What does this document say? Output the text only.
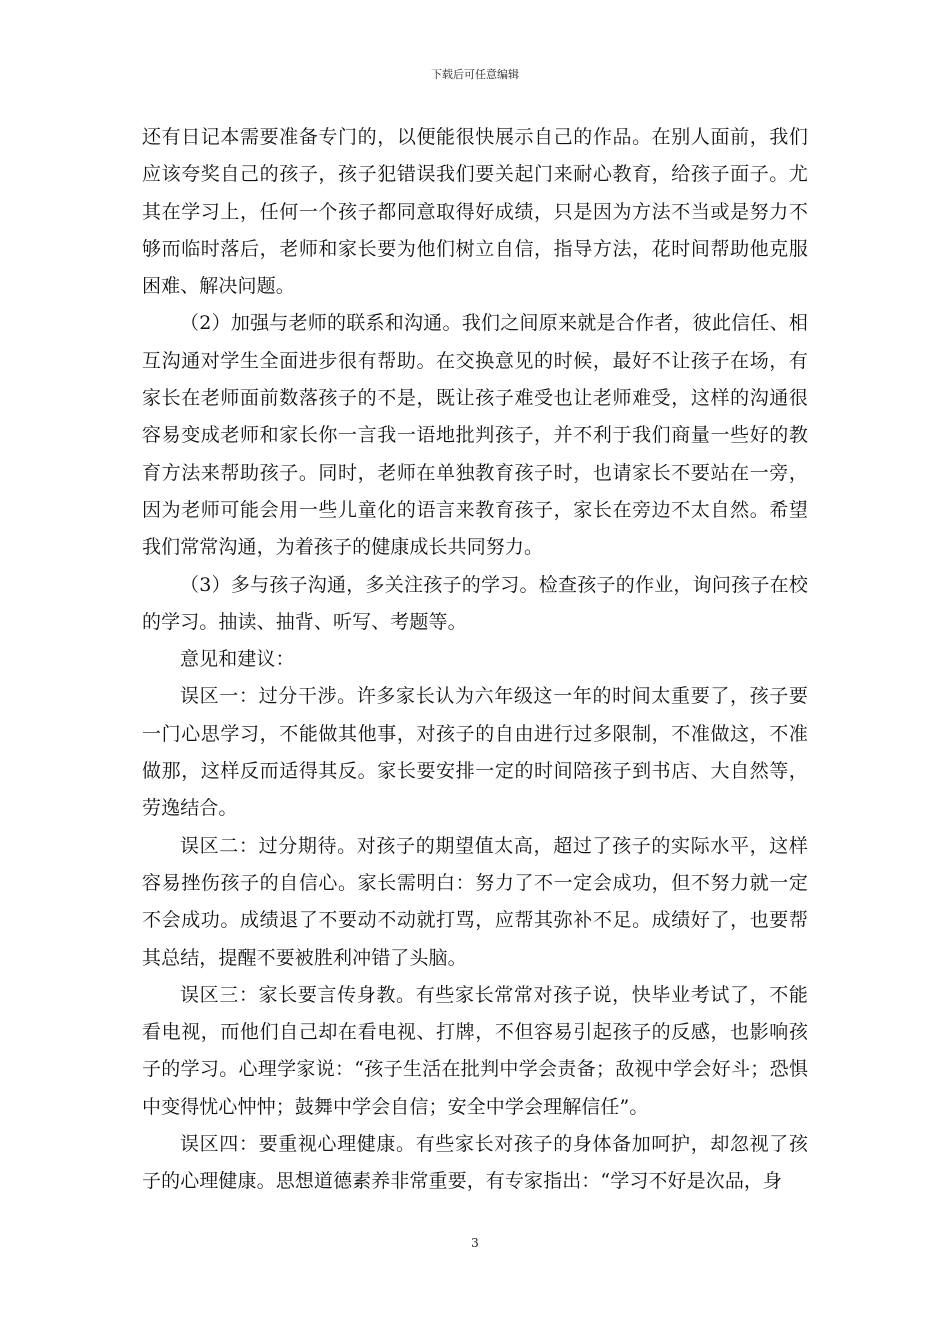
下载后可任意编辑

还有日记本需要准备专门的，以便能很快展示自己的作品。在别人面前，我们应该夸奖自己的孩子，孩子犯错误我们要关起门来耐心教育，给孩子面子。尤其在学习上，任何一个孩子都同意取得好成绩，只是因为方法不当或是努力不够而临时落后，老师和家长要为他们树立自信，指导方法，花时间帮助他克服困难、解决问题。

（2）加强与老师的联系和沟通。我们之间原来就是合作者，彼此信任、相互沟通对学生全面进步很有帮助。在交换意见的时候，最好不让孩子在场，有家长在老师面前数落孩子的不是，既让孩子难受也让老师难受，这样的沟通很容易变成老师和家长你一言我一语地批判孩子，并不利于我们商量一些好的教育方法来帮助孩子。同时，老师在单独教育孩子时，也请家长不要站在一旁，因为老师可能会用一些儿童化的语言来教育孩子，家长在旁边不太自然。希望我们常常沟通，为着孩子的健康成长共同努力。

（3）多与孩子沟通，多关注孩子的学习。检查孩子的作业，询问孩子在校的学习。抽读、抽背、听写、考题等。

意见和建议：

误区一：过分干涉。许多家长认为六年级这一年的时间太重要了，孩子要一门心思学习，不能做其他事，对孩子的自由进行过多限制，不准做这，不准做那，这样反而适得其反。家长要安排一定的时间陪孩子到书店、大自然等，劳逸结合。

误区二：过分期待。对孩子的期望值太高，超过了孩子的实际水平，这样容易挫伤孩子的自信心。家长需明白：努力了不一定会成功，但不努力就一定不会成功。成绩退了不要动不动就打骂，应帮其弥补不足。成绩好了，也要帮其总结，提醒不要被胜利冲错了头脑。

误区三：家长要言传身教。有些家长常常对孩子说，快毕业考试了，不能看电视，而他们自己却在看电视、打牌，不但容易引起孩子的反感，也影响孩子的学习。心理学家说：“孩子生活在批判中学会责备；敌视中学会好斗；恐惧中变得忧心忡忡；鼓舞中学会自信；安全中学会理解信任”。

误区四：要重视心理健康。有些家长对孩子的身体备加呵护，却忽视了孩子的心理健康。思想道德素养非常重要，有专家指出：“学习不好是次品，身

3
